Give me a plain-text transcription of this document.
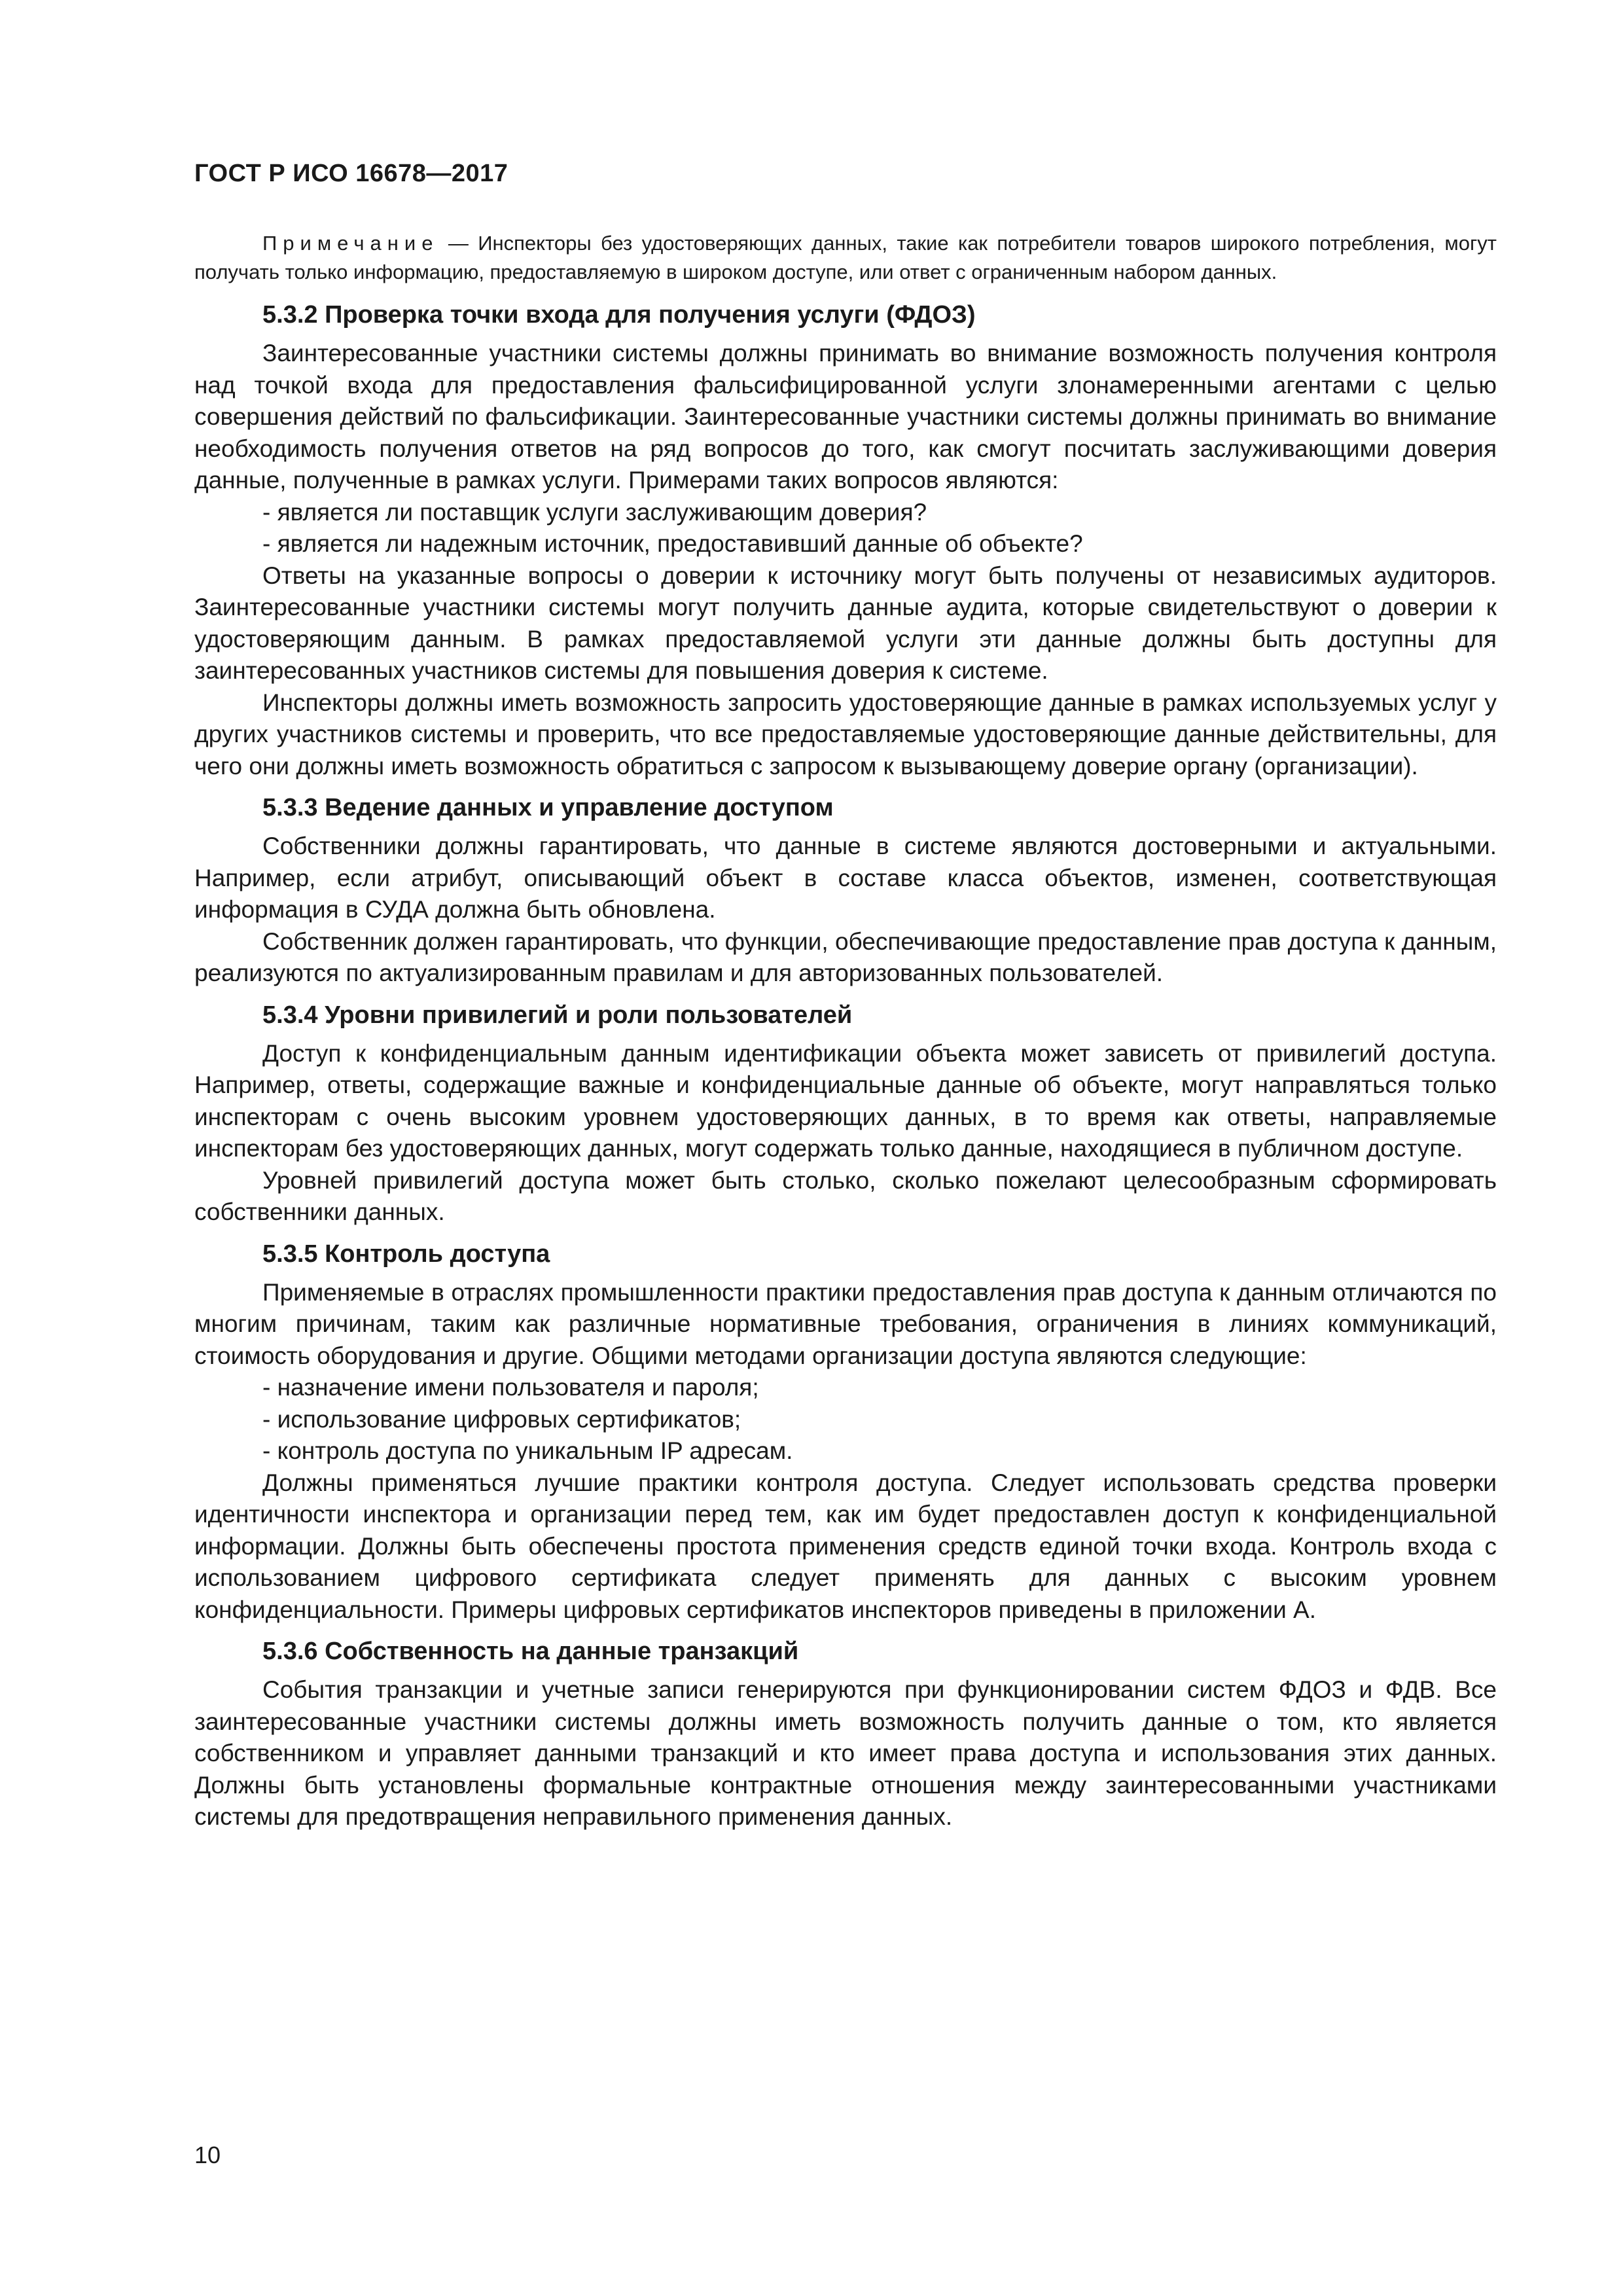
ГОСТ Р ИСО 16678—2017

Примечание — Инспекторы без удостоверяющих данных, такие как потребители товаров широкого потребления, могут получать только информацию, предоставляемую в широком доступе, или ответ с ограниченным набором данных.

5.3.2 Проверка точки входа для получения услуги (ФДОЗ)

Заинтересованные участники системы должны принимать во внимание возможность получения контроля над точкой входа для предоставления фальсифицированной услуги злонамеренными агентами с целью совершения действий по фальсификации. Заинтересованные участники системы должны принимать во внимание необходимость получения ответов на ряд вопросов до того, как смогут посчитать заслуживающими доверия данные, полученные в рамках услуги. Примерами таких вопросов являются:

- является ли поставщик услуги заслуживающим доверия?
- является ли надежным источник, предоставивший данные об объекте?

Ответы на указанные вопросы о доверии к источнику могут быть получены от независимых аудиторов. Заинтересованные участники системы могут получить данные аудита, которые свидетельствуют о доверии к удостоверяющим данным. В рамках предоставляемой услуги эти данные должны быть доступны для заинтересованных участников системы для повышения доверия к системе.

Инспекторы должны иметь возможность запросить удостоверяющие данные в рамках используемых услуг у других участников системы и проверить, что все предоставляемые удостоверяющие данные действительны, для чего они должны иметь возможность обратиться с запросом к вызывающему доверие органу (организации).

5.3.3 Ведение данных и управление доступом

Собственники должны гарантировать, что данные в системе являются достоверными и актуальными. Например, если атрибут, описывающий объект в составе класса объектов, изменен, соответствующая информация в СУДА должна быть обновлена.

Собственник должен гарантировать, что функции, обеспечивающие предоставление прав доступа к данным, реализуются по актуализированным правилам и для авторизованных пользователей.

5.3.4 Уровни привилегий и роли пользователей

Доступ к конфиденциальным данным идентификации объекта может зависеть от привилегий доступа. Например, ответы, содержащие важные и конфиденциальные данные об объекте, могут направляться только инспекторам с очень высоким уровнем удостоверяющих данных, в то время как ответы, направляемые инспекторам без удостоверяющих данных, могут содержать только данные, находящиеся в публичном доступе.

Уровней привилегий доступа может быть столько, сколько пожелают целесообразным сформировать собственники данных.

5.3.5 Контроль доступа

Применяемые в отраслях промышленности практики предоставления прав доступа к данным отличаются по многим причинам, таким как различные нормативные требования, ограничения в линиях коммуникаций, стоимость оборудования и другие. Общими методами организации доступа являются следующие:

- назначение имени пользователя и пароля;
- использование цифровых сертификатов;
- контроль доступа по уникальным IP адресам.

Должны применяться лучшие практики контроля доступа. Следует использовать средства проверки идентичности инспектора и организации перед тем, как им будет предоставлен доступ к конфиденциальной информации. Должны быть обеспечены простота применения средств единой точки входа. Контроль входа с использованием цифрового сертификата следует применять для данных с высоким уровнем конфиденциальности. Примеры цифровых сертификатов инспекторов приведены в приложении А.

5.3.6 Собственность на данные транзакций

События транзакции и учетные записи генерируются при функционировании систем ФДОЗ и ФДВ. Все заинтересованные участники системы должны иметь возможность получить данные о том, кто является собственником и управляет данными транзакций и кто имеет права доступа и использования этих данных. Должны быть установлены формальные контрактные отношения между заинтересованными участниками системы для предотвращения неправильного применения данных.

10
